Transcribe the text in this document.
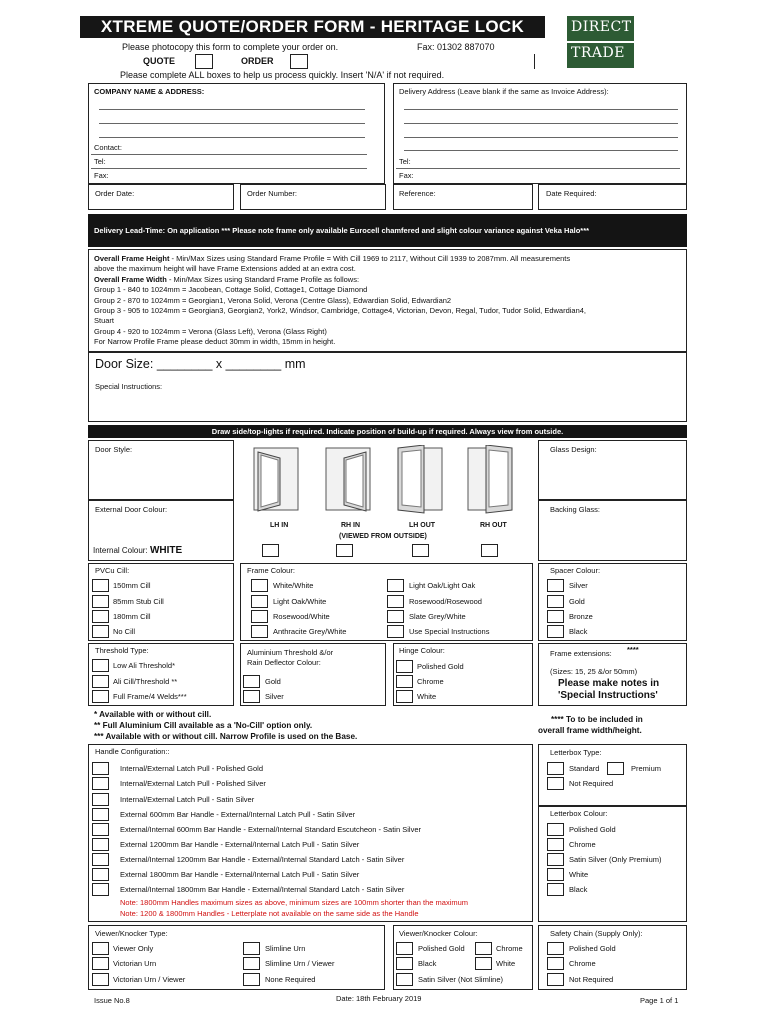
XTREME QUOTE/ORDER FORM - HERITAGE LOCK	DIRECT
TRADE
Please photocopy this form to complete your order on.	Fax: 01302 887070
QUOTE	ORDER
Please complete ALL boxes to help us process quickly. Insert 'N/A' if not required.
COMPANY NAME & ADDRESS:
Contact:
Tel:
Fax:
Delivery Address (Leave blank if the same as Invoice Address):
Tel:
Fax:
Order Date:	Order Number:	Reference:	Date Required:
Delivery Lead-Time: On application *** Please note frame only available Eurocell chamfered and slight colour variance against Veka Halo***
Overall Frame Height - Min/Max Sizes using Standard Frame Profile = With Cill 1969 to 2117, Without Cill 1939 to 2087mm. All measurements
above the maximum height will have Frame Extensions added at an extra cost.
Overall Frame Width - Min/Max Sizes using Standard Frame Profile as follows:
Group 1 - 840 to 1024mm = Jacobean, Cottage Solid, Cottage1, Cottage Diamond
Group 2 - 870 to 1024mm = Georgian1, Verona Solid, Verona (Centre Glass), Edwardian Solid, Edwardian2
Group 3 - 905 to 1024mm = Georgian3, Georgian2, York2, Windsor, Cambridge, Cottage4, Victorian, Devon, Regal, Tudor, Tudor Solid, Edwardian4,
Stuart
Group 4 - 920 to 1024mm = Verona (Glass Left), Verona (Glass Right)
For Narrow Profile Frame please deduct 30mm in width, 15mm in height.
Door Size: ________ x ________ mm
Special Instructions:
Draw side/top-lights if required. Indicate position of build-up if required. Always view from outside.
Door Style:
External Door Colour:
Internal Colour: WHITE
LH IN	RH IN	LH OUT	RH OUT
(VIEWED FROM OUTSIDE)
Glass Design:
Backing Glass:
PVCu Cill:
150mm Cill
85mm Stub Cill
180mm Cill
No Cill
Frame Colour:
White/White
Light Oak/White
Rosewood/White
Anthracite Grey/White
Light Oak/Light Oak
Rosewood/Rosewood
Slate Grey/White
Use Special Instructions
Spacer Colour:
Silver
Gold
Bronze
Black
Threshold Type:
Low Ali Threshold*
Ali Cill/Threshold **
Full Frame/4 Welds***
Aluminium Threshold &/or
Rain Deflector Colour:
Gold
Silver
Hinge Colour:
Polished Gold
Chrome
White
Frame extensions: ****
(Sizes: 15, 25 &/or 50mm)
Please make notes in
'Special Instructions'
* Available with or without cill.
** Full Aluminium Cill available as a 'No-Cill' option only.
*** Available with or without cill. Narrow Profile is used on the Base.
**** To to be included in
overall frame width/height.
Handle Configuration::
Note: 1800mm Handles maximum sizes as above, minimum sizes are 100mm shorter than the maximum
Note: 1200 & 1800mm Handles - Letterplate not available on the same side as the Handle
Internal/External Latch Pull - Polished Gold
Internal/External Latch Pull - Polished Silver
Internal/External Latch Pull - Satin Silver
External 600mm Bar Handle - External/Internal Latch Pull - Satin Silver
External/Internal 600mm Bar Handle - External/Internal Standard Escutcheon - Satin Silver
External 1200mm Bar Handle - External/Internal Latch Pull - Satin Silver
External/Internal 1200mm Bar Handle - External/Internal Standard Latch - Satin Silver
External 1800mm Bar Handle - External/Internal Latch Pull - Satin Silver
External/Internal 1800mm Bar Handle - External/Internal Standard Latch - Satin Silver
Letterbox Type:
Standard	Premium
Not Required
Letterbox Colour:
Polished Gold
Chrome
Satin Silver (Only Premium)
White
Black
Viewer/Knocker Type:
Viewer Only
Victorian Urn
Victorian Urn / Viewer
Slimline Urn
Slimline Urn / Viewer
None Required
Viewer/Knocker Colour:
Polished Gold	Chrome
Black	White
Satin Silver (Not Slimline)
Safety Chain (Supply Only):
Polished Gold
Chrome
Not Required
Issue No.8	Date: 18th February 2019	Page 1 of 1
